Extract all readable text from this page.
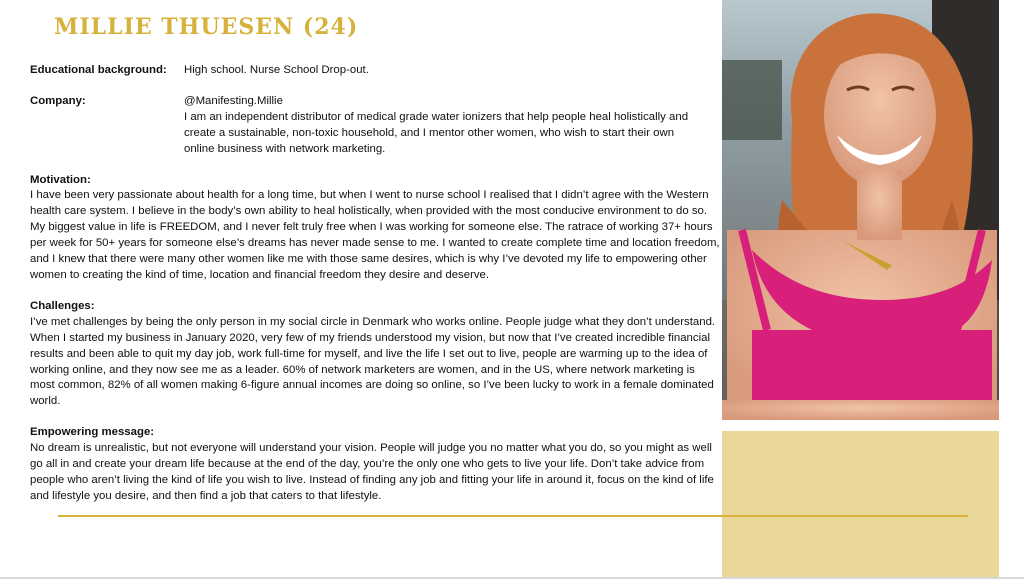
MILLIE THUESEN (24)
Educational background:	High school. Nurse School Drop-out.
Company:	@Manifesting.Millie
I am an independent distributor of medical grade water ionizers that help people heal holistically and create a sustainable, non-toxic household, and I mentor other women, who wish to start their own online business with network marketing.
Motivation:

I have been very passionate about health for a long time, but when I went to nurse school I realised that I didn’t agree with the Western health care system. I believe in the body’s own ability to heal holistically, when provided with the most conducive environment to do so. My biggest value in life is FREEDOM, and I never felt truly free when I was working for someone else. The ratrace of working 37+ hours per week for 50+ years for someone else’s dreams has never made sense to me. I wanted to create complete time and location freedom, and I knew that there were many other women like me with those same desires, which is why I’ve devoted my life to empowering other women to creating the kind of time, location and financial freedom they desire and deserve.

Challenges:

I’ve met challenges by being the only person in my social circle in Denmark who works online. People judge what they don’t understand. When I started my business in January 2020, very few of my friends understood my vision, but now that I’ve created incredible financial results and been able to quit my day job, work full-time for myself, and live the life I set out to live, people are warming up to the idea of working online, and they now see me as a leader. 60% of network marketers are women, and in the US, where network marketing is most common, 82% of all women making 6-figure annual incomes are doing so online, so I’ve been lucky to work in a female dominated world.

Empowering message:

No dream is unrealistic, but not everyone will understand your vision. People will judge you no matter what you do, so you might as well go all in and create your dream life because at the end of the day, you’re the only one who gets to live your life. Don’t take advice from people who aren’t living the kind of life you wish to live. Instead of finding any job and fitting your life in around it, focus on the kind of life and lifestyle you desire, and then find a job that caters to that lifestyle.
